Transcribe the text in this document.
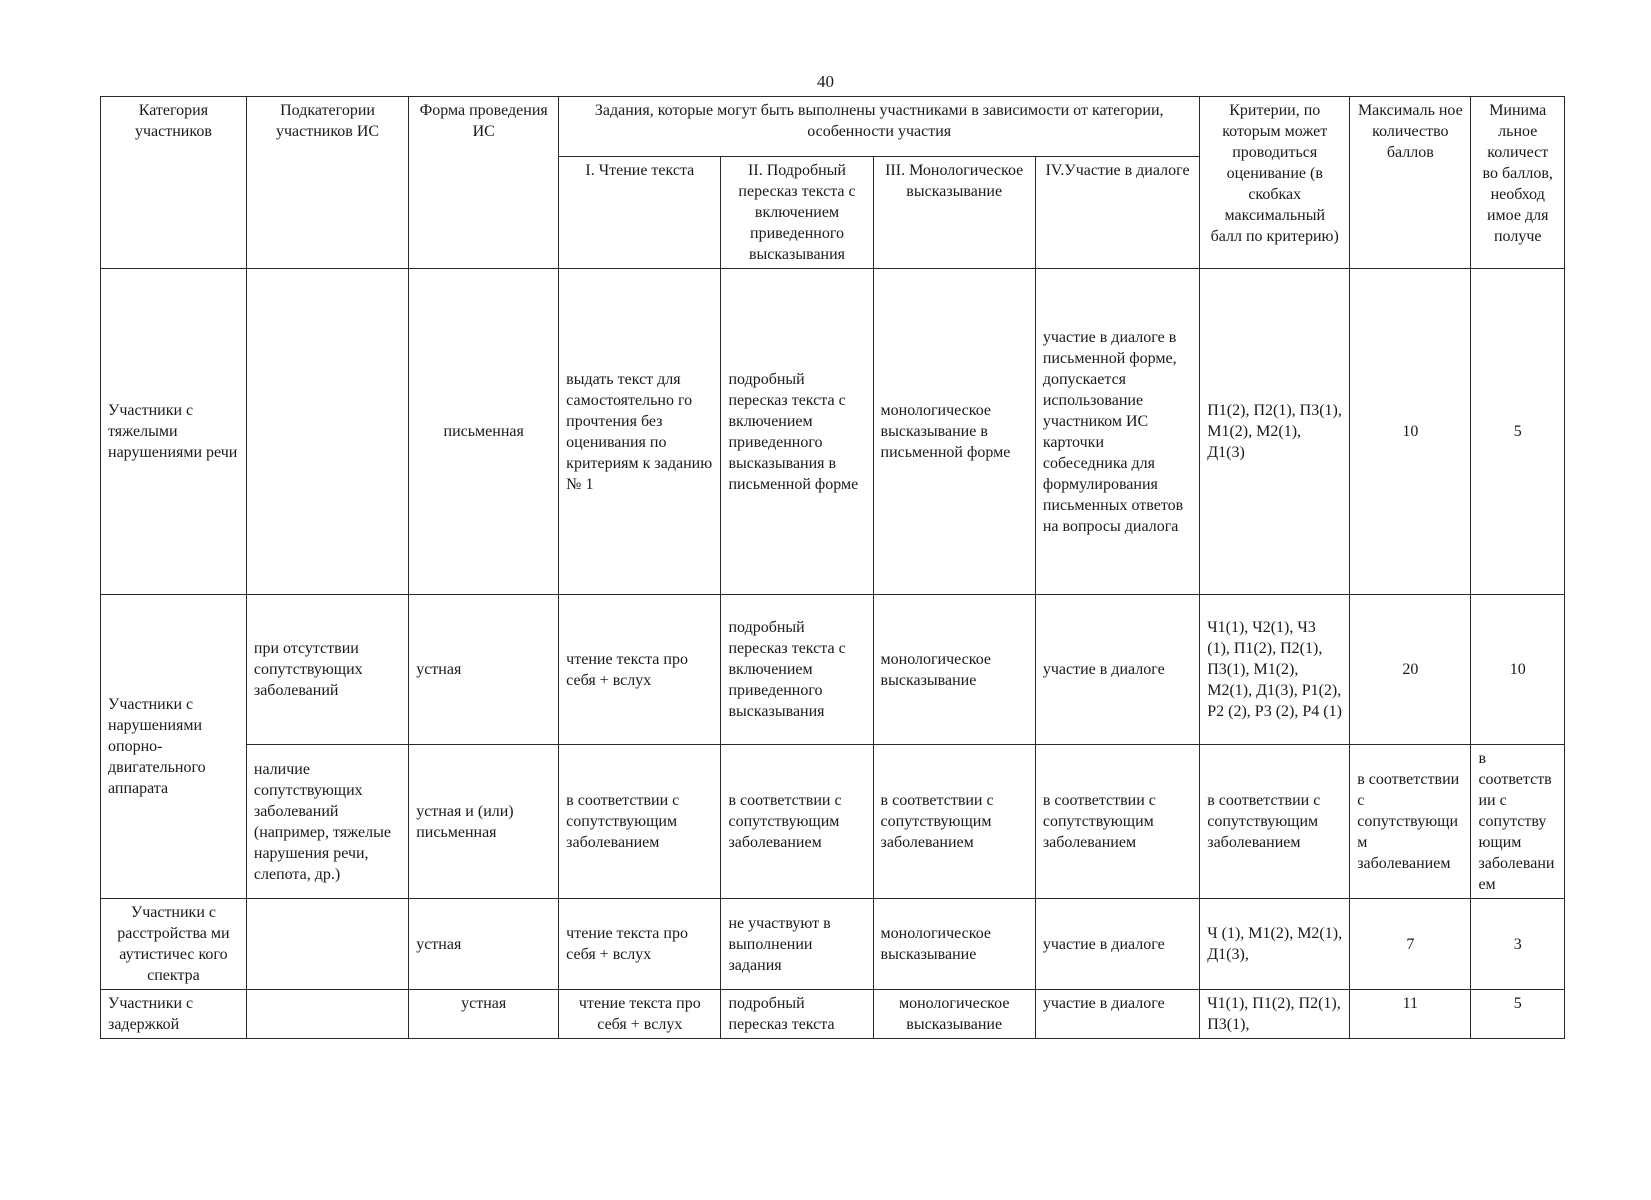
40
Категория участников	Подкатегории участников ИС	Форма проведения ИС	Задания, которые могут быть выполнены участниками в зависимости от категории, особенности участия				Критерии, по которым может проводиться оценивание (в скобках максимальный балл по критерию)	Максималь ное количество баллов	Минима льное количест во баллов, необход имое для получе
			I. Чтение текста	II. Подробный пересказ текста с включением приведенного высказывания	III. Монологическое высказывание	IV.Участие в диалоге			
Участники с тяжелыми нарушениями речи		письменная	выдать текст для самостоятельно го прочтения без оценивания по критериям к заданию № 1	подробный пересказ текста с включением приведенного высказывания в письменной форме	монологическое высказывание в письменной форме	участие в диалоге в письменной форме, допускается использование участником ИС карточки собеседника для формулирования письменных ответов на вопросы диалога	П1(2), П2(1), П3(1), М1(2), М2(1), Д1(3)	10	5
Участники с нарушениями опорно-двигательного аппарата	при отсутствии сопутствующих заболеваний	устная	чтение текста про себя + вслух	подробный пересказ текста с включением приведенного высказывания	монологическое высказывание	участие в диалоге	Ч1(1), Ч2(1), Ч3 (1), П1(2), П2(1), П3(1), М1(2), М2(1), Д1(3), Р1(2), Р2 (2), Р3 (2), Р4 (1)	20	10
	наличие сопутствующих заболеваний (например, тяжелые нарушения речи, слепота, др.)	устная и (или) письменная	в соответствии с сопутствующим заболеванием	в соответствии с сопутствующим заболеванием	в соответствии с сопутствующим заболеванием	в соответствии с сопутствующим заболеванием	в соответствии с сопутствующим заболеванием	в соответствии с сопутствующим заболеванием	в соответствии с сопутствующим заболеванием
Участники с расстройства ми аутистичес кого спектра		устная	чтение текста про себя + вслух	не участвуют в выполнении задания	монологическое высказывание	участие в диалоге	Ч (1), М1(2), М2(1), Д1(3),	7	3
Участники с задержкой		устная	чтение текста про себя + вслух	подробный пересказ текста	монологическое высказывание	участие в диалоге	Ч1(1), П1(2), П2(1), П3(1),	11	5
